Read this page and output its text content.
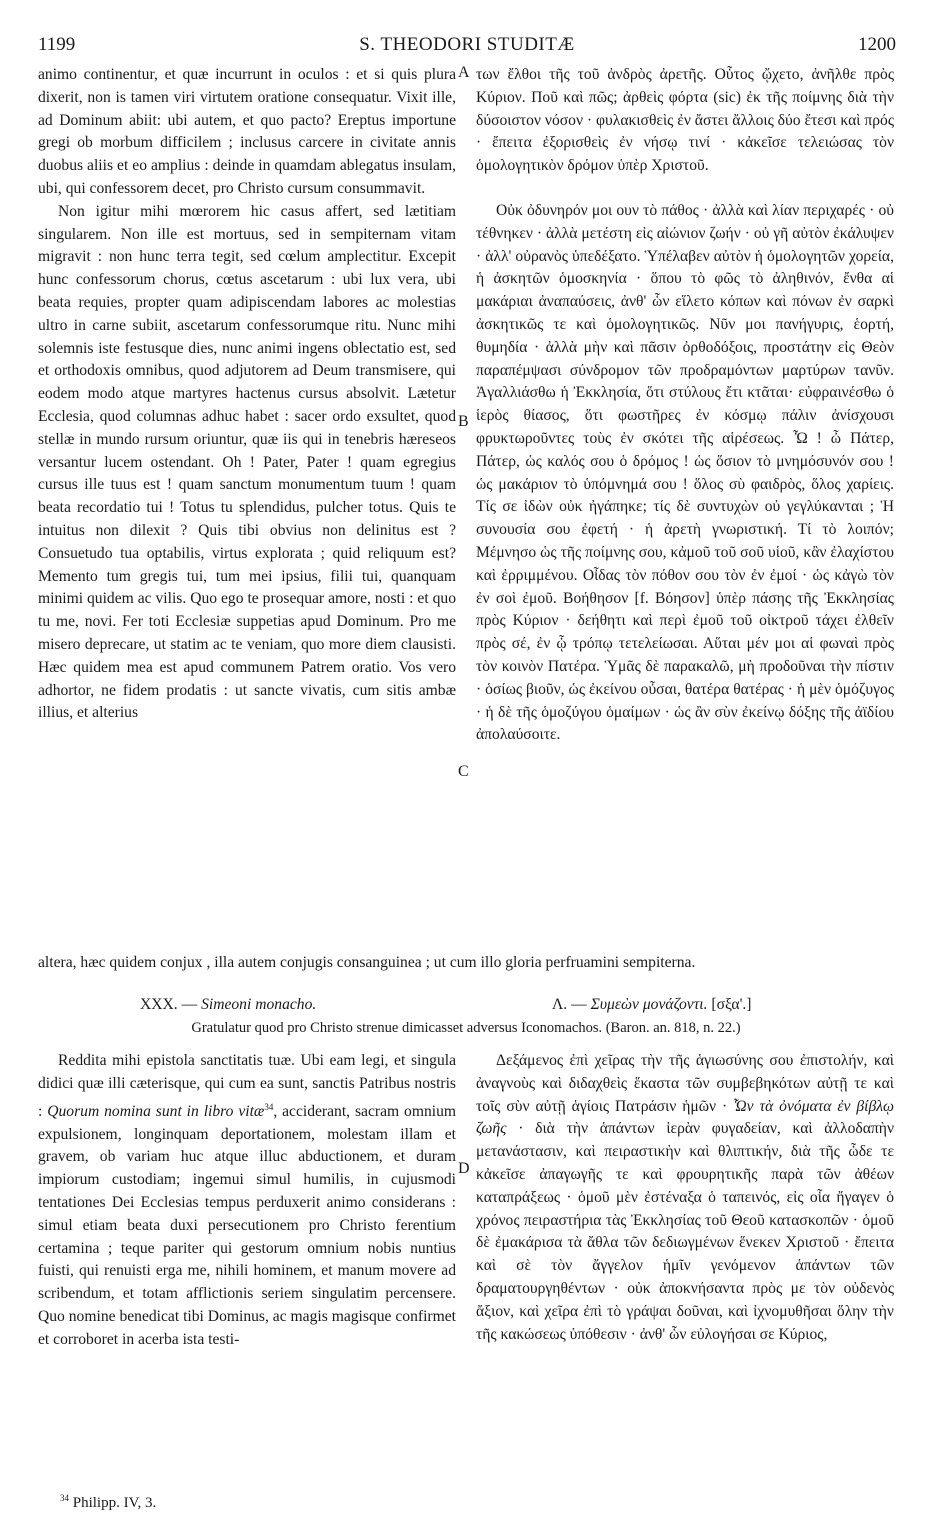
1199	S. THEODORI STUDITÆ	1200

animo continentur, et quæ incurrunt in oculos : et si quis plura dixerit, non is tamen viri virtutem oratione consequatur. Vixit ille, ad Dominum abiit: ubi autem, et quo pacto? Ereptus importune gregi ob morbum difficilem ; inclusus carcere in civitate annis duobus aliis et eo amplius : deinde in quamdam ablegatus insulam, ubi, qui confessorem decet, pro Christo cursum consummavit.

Non igitur mihi mœrorem hic casus affert, sed lætitiam singularem. Non ille est mortuus, sed in sempiternam vitam migravit : non hunc terra tegit, sed cœlum amplectitur. Excepit hunc confessorum chorus, cœtus ascetarum : ubi lux vera, ubi beata requies, propter quam adipiscendam labores ac molestias ultro in carne subiit, ascetarum confessorumque ritu. Nunc mihi solemnis iste festusque dies, nunc animi ingens oblectatio est, sed et orthodoxis omnibus, quod adjutorem ad Deum transmisere, qui eodem modo atque martyres hactenus cursus absolvit. Lætetur Ecclesia, quod columnas adhuc habet : sacer ordo exsultet, quod stellæ in mundo rursum oriuntur, quæ iis qui in tenebris hæreseos versantur lucem ostendant. Oh ! Pater, Pater ! quam egregius cursus ille tuus est ! quam sanctum monumentum tuum ! quam beata recordatio tui ! Totus tu splendidus, pulcher totus. Quis te intuitus non dilexit ? Quis tibi obvius non delinitus est ? Consuetudo tua optabilis, virtus explorata ; quid reliquum est? Memento tum gregis tui, tum mei ipsius, filii tui, quanquam minimi quidem ac vilis. Quo ego te prosequar amore, nosti : et quo tu me, novi. Fer toti Ecclesiæ suppetias apud Dominum. Pro me misero deprecare, ut statim ac te veniam, quo more diem clausisti. Hæc quidem mea est apud communem Patrem oratio. Vos vero adhortor, ne fidem prodatis : ut sancte vivatis, cum sitis ambæ illius, et alterius

των ἔλθοι τῆς τοῦ ἀνδρὸς ἀρετῆς. Οὗτος ᾤχετο, ἀνῆλθε πρὸς Κύριον. Ποῦ καὶ πῶς; ἀρθεὶς φόρτα (sic) ἐκ τῆς ποίμνης διὰ τὴν δύσοιστον νόσον · φυλακισθεὶς ἐν ἄστει ἄλλοις δύο ἔτεσι καὶ πρός · ἔπειτα ἐξορισθεὶς ἐν νήσῳ τινί · κἀκεῖσε τελειώσας τὸν ὁμολογητικὸν δρόμον ὑπὲρ Χριστοῦ.

Οὐκ ὀδυνηρόν μοι ουν τὸ πάθος · ἀλλὰ καὶ λίαν περιχαρές · οὐ τέθνηκεν · ἀλλὰ μετέστη εἰς αἰώνιον ζωήν · οὐ γῆ αὐτὸν ἐκάλυψεν · ἀλλ' οὐρανὸς ὑπεδέξατο. Ὑπέλαβεν αὐτὸν ἡ ὁμολογητῶν χορεία, ἡ ἀσκητῶν ὁμοσκηνία · ὅπου τὸ φῶς τὸ ἀληθινόν, ἔνθα αἱ μακάριαι ἀναπαύσεις, ἀνθ' ὧν εἵλετο κόπων καὶ πόνων ἐν σαρκὶ ἀσκητικῶς τε καὶ ὁμολογητικῶς. Νῦν μοι πανήγυρις, ἑορτή, θυμηδία · ἀλλὰ μὴν καὶ πᾶσιν ὀρθοδόξοις, προστάτην εἰς Θεὸν παραπέμψασι σύνδρομον τῶν προδραμόντων μαρτύρων τανῦν. Ἀγαλλιάσθω ἡ Ἐκκλησία, ὅτι στύλους ἔτι κτᾶται· εὐφραινέσθω ὁ ἱερὸς θίασος, ὅτι φωστῆρες ἐν κόσμῳ πάλιν ἀνίσχουσι φρυκτωροῦντες τοὺς ἐν σκότει τῆς αἱρέσεως. Ὦ ! ὦ Πάτερ, Πάτερ, ὡς καλός σου ὁ δρόμος ! ὡς ὅσιον τὸ μνημόσυνόν σου ! ὡς μακάριον τὸ ὑπόμνημά σου ! ὅλος σὺ φαιδρὸς, ὅλος χαρίεις. Τίς σε ἰδὼν οὐκ ἠγάπηκε; τίς δὲ συντυχὼν οὐ γεγλύκανται ; Ἡ συνουσία σου ἐφετή · ἡ ἀρετὴ γνωριστική. Τί τὸ λοιπόν; Μέμνησο ὡς τῆς ποίμνης σου, κἀμοῦ τοῦ σοῦ υἱοῦ, κἂν ἐλαχίστου καὶ ἐρριμμένου. Οἶδας τὸν πόθον σου τὸν ἐν ἐμοί · ὡς κἀγὼ τὸν ἐν σοὶ ἐμοῦ. Βοήθησον [f. Βόησον] ὑπὲρ πάσης τῆς Ἐκκλησίας πρὸς Κύριον · δεήθητι καὶ περὶ ἐμοῦ τοῦ οἰκτροῦ τάχει ἐλθεῖν πρὸς σέ, ἐν ᾧ τρόπῳ τετελείωσαι. Αὕται μέν μοι αἱ φωναὶ πρὸς τὸν κοινὸν Πατέρα. Ὑμᾶς δὲ παρακαλῶ, μὴ προδοῦναι τὴν πίστιν · ὁσίως βιοῦν, ὡς ἐκείνου οὖσαι, θατέρα θατέρας · ἡ μὲν ὁμόζυγος · ἡ δὲ τῆς ὁμοζύγου ὁμαίμων · ὡς ἂν σὺν ἐκείνῳ δόξης τῆς ἀϊδίου ἀπολαύσοιτε.

A
B
C
D
altera, hæc quidem conjux , illa autem conjugis consanguinea ; ut cum illo gloria perfruamini sempiterna.
XXX. — Simeoni monacho.	Λ. — Συμεὼν μονάζοντι. [σξα'.]
Gratulatur quod pro Christo strenue dimicasset adversus Iconomachos. (Baron. an. 818, n. 22.)

Reddita mihi epistola sanctitatis tuæ. Ubi eam legi, et singula didici quæ illi cæterisque, qui cum ea sunt, sanctis Patribus nostris : Quorum nomina sunt in libro vitæ$^{34}$, acciderant, sacram omnium expulsionem, longinquam deportationem, molestam illam et gravem, ob variam huc atque illuc abductionem, et duram impiorum custodiam; ingemui simul humilis, in cujusmodi tentationes Dei Ecclesias tempus perduxerit animo considerans : simul etiam beata duxi persecutionem pro Christo ferentium certamina ; teque pariter qui gestorum omnium nobis nuntius fuisti, qui renuisti erga me, nihili hominem, et manum movere ad scribendum, et totam afflictionis seriem singulatim percensere. Quo nomine benedicat tibi Dominus, ac magis magisque confirmet et corroboret in acerba ista testi-

Δεξάμενος ἐπὶ χεῖρας τὴν τῆς ἁγιωσύνης σου ἐπιστολήν, καὶ ἀναγνοὺς καὶ διδαχθεὶς ἕκαστα τῶν συμβεβηκότων αὐτῇ τε καὶ τοῖς σὺν αὐτῇ ἁγίοις Πατράσιν ἡμῶν · Ὧν τὰ ὀνόματα ἐν βίβλῳ ζωῆς · διὰ τὴν ἁπάντων ἱερὰν φυγαδείαν, καὶ ἀλλοδαπὴν μετανάστασιν, καὶ πειραστικὴν καὶ θλιπτικήν, διὰ τῆς ὧδε τε κἀκεῖσε ἀπαγωγῆς τε καὶ φρουρητικῆς παρὰ τῶν ἀθέων καταπράξεως · ὁμοῦ μὲν ἐστέναξα ὁ ταπεινός, εἰς οἷα ἤγαγεν ὁ χρόνος πειραστήρια τὰς Ἐκκλησίας τοῦ Θεοῦ κατασκοπῶν · ὁμοῦ δὲ ἐμακάρισα τὰ ἄθλα τῶν δεδιωγμένων ἕνεκεν Χριστοῦ · ἔπειτα καὶ σὲ τὸν ἄγγελον ἡμῖν γενόμενον ἁπάντων τῶν δραματουργηθέντων · οὐκ ἀποκνήσαντα πρὸς με τὸν οὐδενὸς ἄξιον, καὶ χεῖρα ἐπὶ τὸ γράψαι δοῦναι, καὶ ἰχνομυθῆσαι ὅλην τὴν τῆς κακώσεως ὑπόθεσιν · ἀνθ' ὧν εὐλογήσαι σε Κύριος,

$^{34}$ Philipp. IV, 3.
